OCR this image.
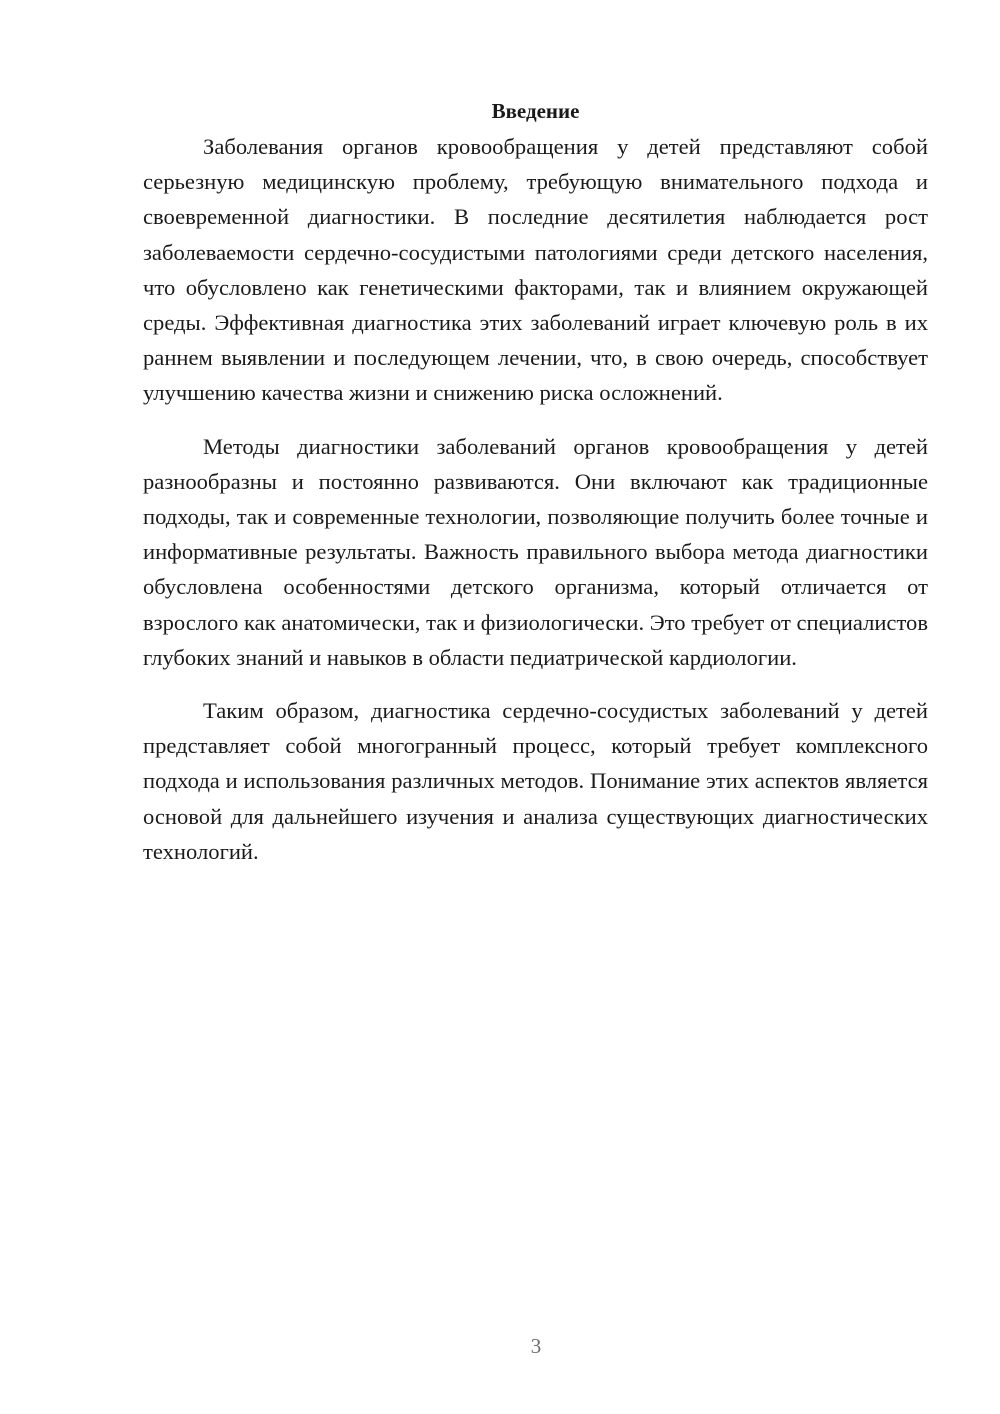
Введение

Заболевания органов кровообращения у детей представляют собой серьезную медицинскую проблему, требующую внимательного подхода и своевременной диагностики. В последние десятилетия наблюдается рост заболеваемости сердечно-сосудистыми патологиями среди детского населения, что обусловлено как генетическими факторами, так и влиянием окружающей среды. Эффективная диагностика этих заболеваний играет ключевую роль в их раннем выявлении и последующем лечении, что, в свою очередь, способствует улучшению качества жизни и снижению риска осложнений.

Методы диагностики заболеваний органов кровообращения у детей разнообразны и постоянно развиваются. Они включают как традиционные подходы, так и современные технологии, позволяющие получить более точные и информативные результаты. Важность правильного выбора метода диагностики обусловлена особенностями детского организма, который отличается от взрослого как анатомически, так и физиологически. Это требует от специалистов глубоких знаний и навыков в области педиатрической кардиологии.

Таким образом, диагностика сердечно-сосудистых заболеваний у детей представляет собой многогранный процесс, который требует комплексного подхода и использования различных методов. Понимание этих аспектов является основой для дальнейшего изучения и анализа существующих диагностических технологий.

3
